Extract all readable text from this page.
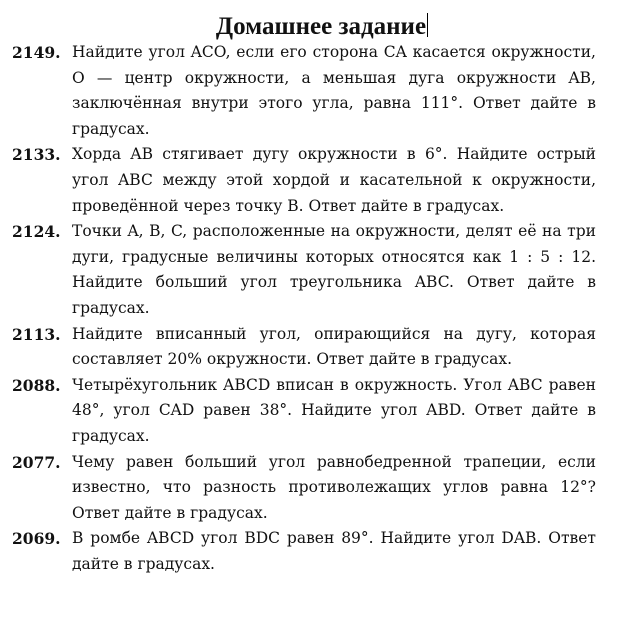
Домашнее задание
2149. Найдите угол ACO, если его сторона CA касается окружности, O — центр окружности, а меньшая дуга окружности AB, заключённая внутри этого угла, равна 111°. Ответ дайте в градусах.
2133. Хорда AB стягивает дугу окружности в 6°. Найдите острый угол ABC между этой хордой и касательной к окружности, проведённой через точку B. Ответ дайте в градусах.
2124. Точки A, B, C, расположенные на окружности, делят её на три дуги, градусные величины которых относятся как 1 : 5 : 12. Найдите больший угол треугольника ABC. Ответ дайте в градусах.
2113. Найдите вписанный угол, опирающийся на дугу, которая составляет 20% окружности. Ответ дайте в градусах.
2088. Четырёхугольник ABCD вписан в окружность. Угол ABC равен 48°, угол CAD равен 38°. Найдите угол ABD. Ответ дайте в градусах.
2077. Чему равен больший угол равнобедренной трапеции, если известно, что разность противолежащих углов равна 12°? Ответ дайте в градусах.
2069. В ромбе ABCD угол BDC равен 89°. Найдите угол DAB. Ответ дайте в градусах.
